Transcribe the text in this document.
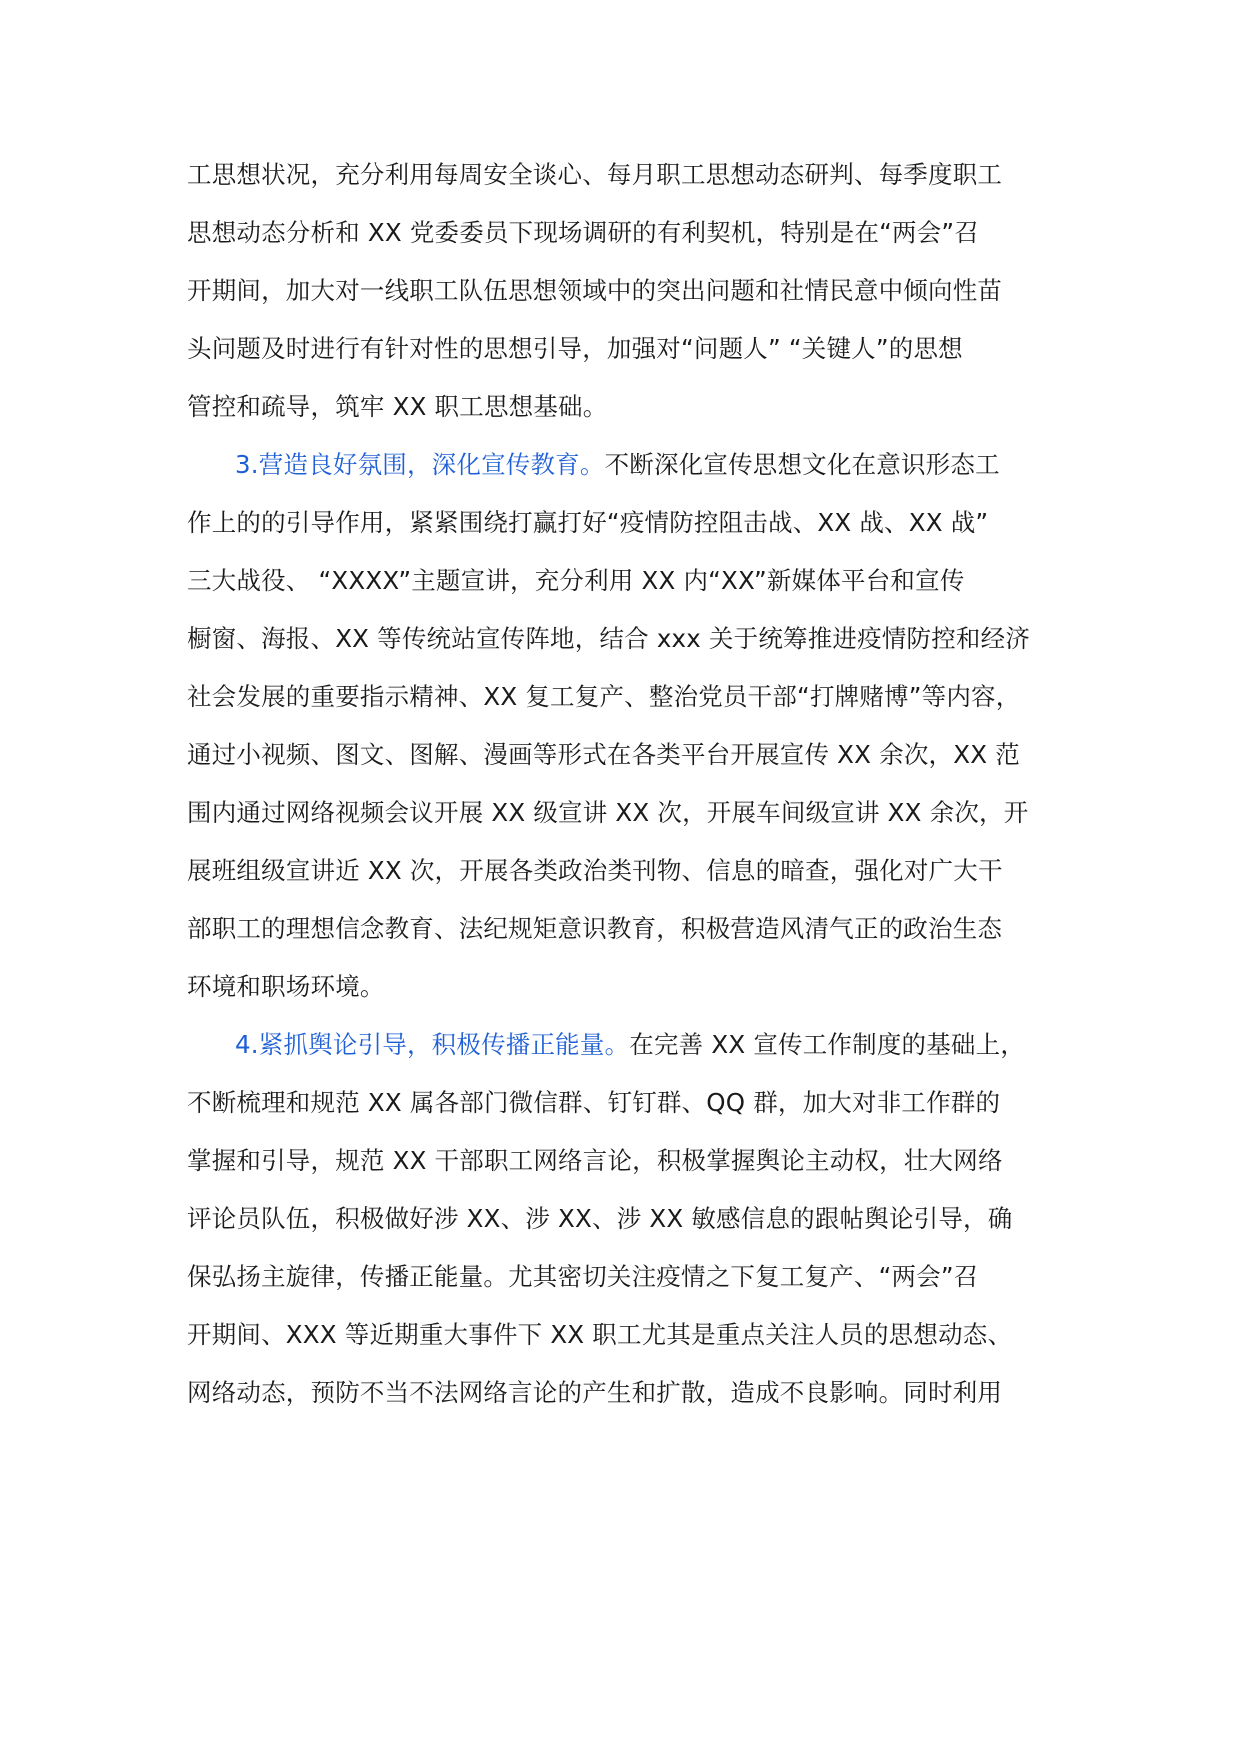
工思想状况，充分利用每周安全谈心、每月职工思想动态研判、每季度职工
思想动态分析和 XX 党委委员下现场调研的有利契机，特别是在“两会”召
开期间，加大对一线职工队伍思想领域中的突出问题和社情民意中倾向性苗
头问题及时进行有针对性的思想引导，加强对“问题人” “关键人”的思想
管控和疏导，筑牢 XX 职工思想基础。
3.营造良好氛围，深化宣传教育。不断深化宣传思想文化在意识形态工
作上的的引导作用，紧紧围绕打赢打好“疫情防控阻击战、XX 战、XX 战”
三大战役、 “XXXX”主题宣讲，充分利用 XX 内“XX”新媒体平台和宣传
橱窗、海报、XX 等传统站宣传阵地，结合 xxx 关于统筹推进疫情防控和经济
社会发展的重要指示精神、XX 复工复产、整治党员干部“打牌赌博”等内容，
通过小视频、图文、图解、漫画等形式在各类平台开展宣传 XX 余次，XX 范
围内通过网络视频会议开展 XX 级宣讲 XX 次，开展车间级宣讲 XX 余次，开
展班组级宣讲近 XX 次，开展各类政治类刊物、信息的暗查，强化对广大干
部职工的理想信念教育、法纪规矩意识教育，积极营造风清气正的政治生态
环境和职场环境。
4.紧抓舆论引导，积极传播正能量。在完善 XX 宣传工作制度的基础上，
不断梳理和规范 XX 属各部门微信群、钉钉群、QQ 群，加大对非工作群的
掌握和引导，规范 XX 干部职工网络言论，积极掌握舆论主动权，壮大网络
评论员队伍，积极做好涉 XX、涉 XX、涉 XX 敏感信息的跟帖舆论引导，确
保弘扬主旋律，传播正能量。尤其密切关注疫情之下复工复产、“两会”召
开期间、XXX 等近期重大事件下 XX 职工尤其是重点关注人员的思想动态、
网络动态，预防不当不法网络言论的产生和扩散，造成不良影响。同时利用
